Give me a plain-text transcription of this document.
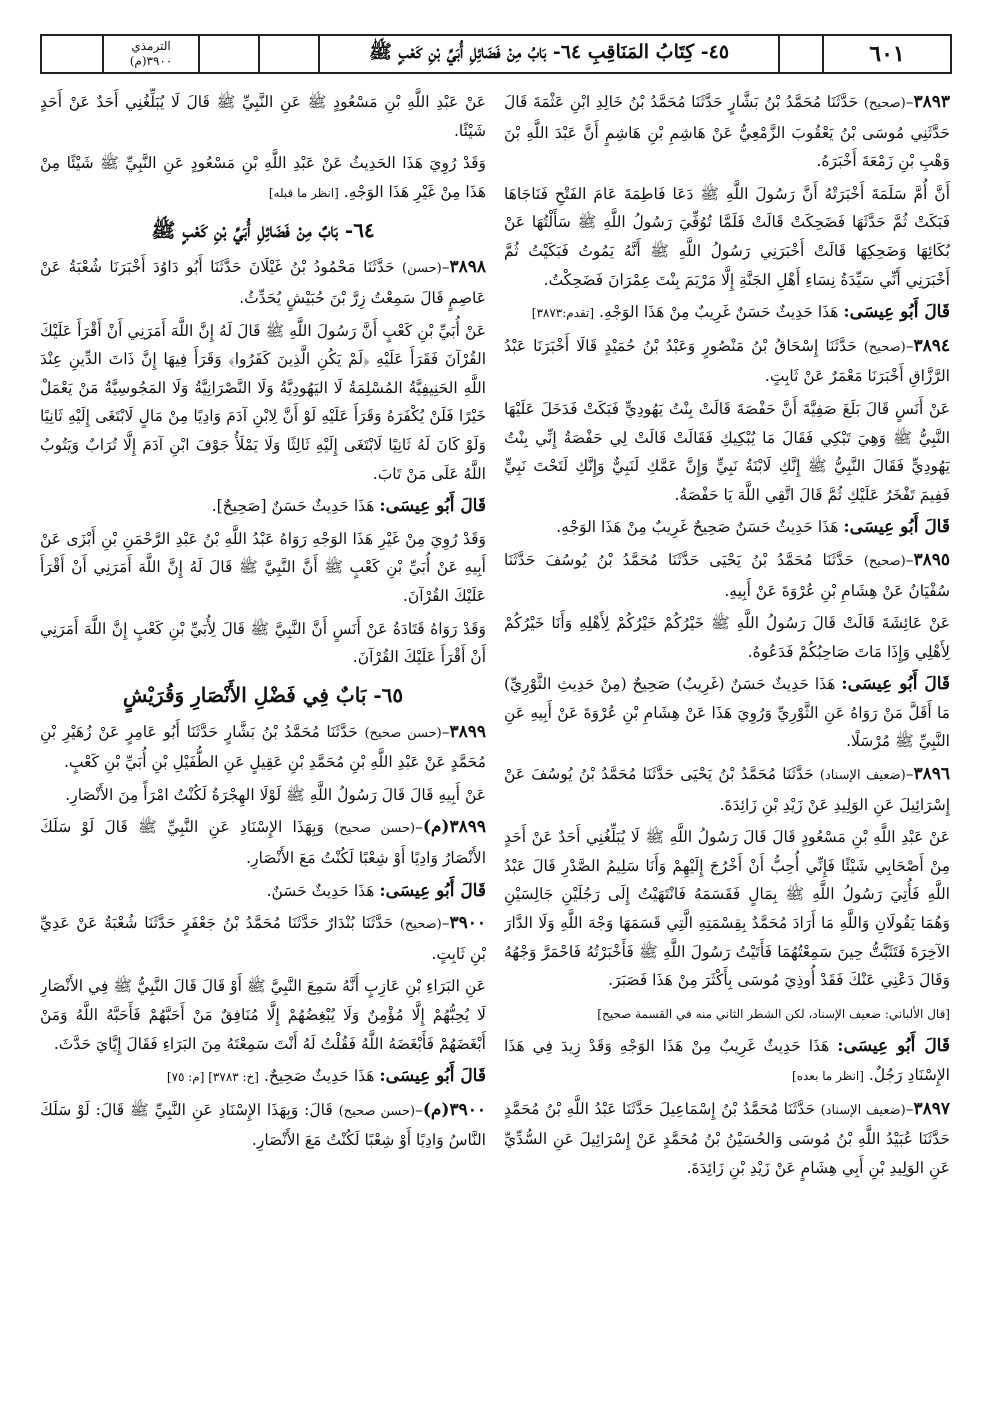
٦٠١
٤٥- كِتَابُ المَنَاقِبِ ٦٤- بَابُ مِنْ فَضَائِلِ أُبَيِّ بْنِ كَعْبٍ ﷺ
الترمذي
٣٩٠٠(م)

٣٨٩٣–(صحيح) حَدَّثَنَا مُحَمَّدُ بْنُ بَشَّارٍ حَدَّثَنَا مُحَمَّدُ بْنُ خَالِدِ ابْنِ عَثْمَةَ قَالَ حَدَّثَنِي مُوسَى بْنُ يَعْقُوبَ الزَّمْعِيُّ عَنْ هَاشِمِ بْنِ هَاشِمٍ أَنَّ عَبْدَ اللَّهِ بْنَ وَهْبِ بْنِ زَمْعَةَ أَخْبَرَهُ.

أَنَّ أُمَّ سَلَمَةَ أَخْبَرَتْهُ أَنَّ رَسُولَ اللَّهِ ﷺ دَعَا فَاطِمَةَ عَامَ الفَتْحِ فَنَاجَاهَا فَبَكَتْ ثُمَّ حَدَّثَهَا فَضَحِكَتْ قَالَتْ فَلَمَّا تُوُفِّيَ رَسُولُ اللَّهِ ﷺ سَأَلْتُهَا عَنْ بُكَائِهَا وَضَحِكِهَا قَالَتْ أَخْبَرَنِي رَسُولُ اللَّهِ ﷺ أَنَّهُ يَمُوتُ فَبَكَيْتُ ثُمَّ أَخْبَرَنِي أَنِّي سَيِّدَةُ نِسَاءِ أَهْلِ الجَنَّةِ إِلَّا مَرْيَمَ بِنْتَ عِمْرَانَ فَضَحِكْتُ.

قَالَ أَبُو عِيسَى: هَذَا حَدِيثٌ حَسَنٌ غَرِيبٌ مِنْ هَذَا الوَجْهِ. [تقدم:٣٨٧٣]

٣٨٩٤–(صحيح) حَدَّثَنَا إِسْحَاقُ بْنُ مَنْصُورٍ وَعَبْدُ بْنُ حُمَيْدٍ قَالَا أَخْبَرَنَا عَبْدُ الرَّزَّاقِ أَخْبَرَنَا مَعْمَرٌ عَنْ ثَابِتٍ.

عَنْ أَنَسٍ قَالَ بَلَغَ صَفِيَّةَ أَنَّ حَفْصَةَ قَالَتْ بِنْتُ يَهُودِيٍّ فَبَكَتْ فَدَخَلَ عَلَيْهَا النَّبِيُّ ﷺ وَهِيَ تَبْكِي فَقَالَ مَا يُبْكِيكِ فَقَالَتْ قَالَتْ لِي حَفْصَةُ إِنِّي بِنْتُ يَهُودِيٍّ فَقَالَ النَّبِيُّ ﷺ إِنَّكِ لَابْنَةُ نَبِيٍّ وَإِنَّ عَمَّكِ لَنَبِيٌّ وَإِنَّكِ لَتَحْتَ نَبِيٍّ فَفِيمَ تَفْخَرُ عَلَيْكِ ثُمَّ قَالَ اتَّقِي اللَّهَ يَا حَفْصَةُ.

قَالَ أَبُو عِيسَى: هَذَا حَدِيثٌ حَسَنٌ صَحِيحٌ غَرِيبٌ مِنْ هَذَا الوَجْهِ.

٣٨٩٥–(صحيح) حَدَّثَنَا مُحَمَّدُ بْنُ يَحْيَى حَدَّثَنَا مُحَمَّدُ بْنُ يُوسُفَ حَدَّثَنَا سُفْيَانُ عَنْ هِشَامِ بْنِ عُرْوَةَ عَنْ أَبِيهِ.

عَنْ عَائِشَةَ قَالَتْ قَالَ رَسُولُ اللَّهِ ﷺ خَيْرُكُمْ خَيْرُكُمْ لِأَهْلِهِ وَأَنَا خَيْرُكُمْ لِأَهْلِي وَإِذَا مَاتَ صَاحِبُكُمْ فَدَعُوهُ.

قَالَ أَبُو عِيسَى: هَذَا حَدِيثٌ حَسَنٌ (غَرِيبٌ) صَحِيحٌ (مِنْ حَدِيثِ الثَّوْرِيِّ) مَا أَقَلَّ مَنْ رَوَاهُ عَنِ الثَّوْرِيِّ وَرُوِيَ هَذَا عَنْ هِشَامِ بْنِ عُرْوَةَ عَنْ أَبِيهِ عَنِ النَّبِيِّ ﷺ مُرْسَلًا.

٣٨٩٦–(ضعيف الإسناد) حَدَّثَنَا مُحَمَّدُ بْنُ يَحْيَى حَدَّثَنَا مُحَمَّدُ بْنُ يُوسُفَ عَنْ إِسْرَائِيلَ عَنِ الوَلِيدِ عَنْ زَيْدِ بْنِ زَائِدَةَ.

عَنْ عَبْدِ اللَّهِ بْنِ مَسْعُودٍ قَالَ قَالَ رَسُولُ اللَّهِ ﷺ لَا يُبَلِّغُنِي أَحَدٌ عَنْ أَحَدٍ مِنْ أَصْحَابِي شَيْئًا فَإِنِّي أُحِبُّ أَنْ أَخْرُجَ إِلَيْهِمْ وَأَنَا سَلِيمُ الصَّدْرِ قَالَ عَبْدُ اللَّهِ فَأُتِيَ رَسُولُ اللَّهِ ﷺ بِمَالٍ فَقَسَمَهُ فَانْتَهَيْتُ إِلَى رَجُلَيْنِ جَالِسَيْنِ وَهُمَا يَقُولَانِ وَاللَّهِ مَا أَرَادَ مُحَمَّدٌ بِقِسْمَتِهِ الَّتِي قَسَمَهَا وَجْهَ اللَّهِ وَلَا الدَّارَ الآخِرَةَ فَتَثَبَّتُّ حِينَ سَمِعْتُهُمَا فَأَتَيْتُ رَسُولَ اللَّهِ ﷺ فَأَخْبَرْتُهُ فَاحْمَرَّ وَجْهُهُ وَقَالَ دَعْنِي عَنْكَ فَقَدْ أُوذِيَ مُوسَى بِأَكْثَرَ مِنْ هَذَا فَصَبَرَ.

[قال الألباني: ضعيف الإسناد، لكن الشطر الثاني منه في القسمة صحيح]

قَالَ أَبُو عِيسَى: هَذَا حَدِيثٌ غَرِيبٌ مِنْ هَذَا الوَجْهِ وَقَدْ زِيدَ فِي هَذَا الإِسْنَادِ رَجُلٌ. [انظر ما بعده]

٣٨٩٧–(ضعيف الإسناد) حَدَّثَنَا مُحَمَّدُ بْنُ إِسْمَاعِيلَ حَدَّثَنَا عَبْدُ اللَّهِ بْنُ مُحَمَّدٍ حَدَّثَنَا عُبَيْدُ اللَّهِ بْنُ مُوسَى وَالحُسَيْنُ بْنُ مُحَمَّدٍ عَنْ إِسْرَائِيلَ عَنِ السُّدِّيِّ عَنِ الوَلِيدِ بْنِ أَبِي هِشَامٍ عَنْ زَيْدِ بْنِ زَائِدَةَ.

عَنْ عَبْدِ اللَّهِ بْنِ مَسْعُودٍ ﷺ عَنِ النَّبِيِّ ﷺ قَالَ لَا يُبَلِّغُنِي أَحَدٌ عَنْ أَحَدٍ شَيْئًا.

وَقَدْ رُوِيَ هَذَا الحَدِيثُ عَنْ عَبْدِ اللَّهِ بْنِ مَسْعُودٍ عَنِ النَّبِيِّ ﷺ شَيْئًا مِنْ هَذَا مِنْ غَيْرِ هَذَا الوَجْهِ. [انظر ما قبله]

٦٤- بَابٌ مِنْ فَضَائِلِ أُبَيِّ بْنِ كَعْبٍ ﷺ

٣٨٩٨–(حسن) حَدَّثَنَا مَحْمُودُ بْنُ غَيْلَانَ حَدَّثَنَا أَبُو دَاوُدَ أَخْبَرَنَا شُعْبَةُ عَنْ عَاصِمٍ قَالَ سَمِعْتُ زِرَّ بْنَ حُبَيْشٍ يُحَدِّثُ.

عَنْ أُبَيِّ بْنِ كَعْبٍ أَنَّ رَسُولَ اللَّهِ ﷺ قَالَ لَهُ إِنَّ اللَّهَ أَمَرَنِي أَنْ أَقْرَأَ عَلَيْكَ القُرْآنَ فَقَرَأَ عَلَيْهِ ﴿لَمْ يَكُنِ الَّذِينَ كَفَرُوا﴾ وَقَرَأَ فِيهَا إِنَّ ذَاتَ الدِّينِ عِنْدَ اللَّهِ الحَنِيفِيَّةُ المُسْلِمَةُ لَا اليَهُودِيَّةُ وَلَا النَّصْرَانِيَّةُ وَلَا المَجُوسِيَّةُ مَنْ يَعْمَلْ خَيْرًا فَلَنْ يُكْفَرَهُ وَقَرَأَ عَلَيْهِ لَوْ أَنَّ لِابْنِ آدَمَ وَادِيًا مِنْ مَالٍ لَابْتَغَى إِلَيْهِ ثَانِيًا وَلَوْ كَانَ لَهُ ثَانِيًا لَابْتَغَى إِلَيْهِ ثَالِثًا وَلَا يَمْلَأُ جَوْفَ ابْنِ آدَمَ إِلَّا تُرَابٌ وَيَتُوبُ اللَّهُ عَلَى مَنْ تَابَ.

قَالَ أَبُو عِيسَى: هَذَا حَدِيثٌ حَسَنٌ [صَحِيحٌ].

وَقَدْ رُوِيَ مِنْ غَيْرِ هَذَا الوَجْهِ رَوَاهُ عَبْدُ اللَّهِ بْنُ عَبْدِ الرَّحْمَنِ بْنِ أَبْزَى عَنْ أَبِيهِ عَنْ أُبَيِّ بْنِ كَعْبٍ ﷺ أَنَّ النَّبِيَّ ﷺ قَالَ لَهُ إِنَّ اللَّهَ أَمَرَنِي أَنْ أَقْرَأَ عَلَيْكَ القُرْآنَ.

وَقَدْ رَوَاهُ قَتَادَةُ عَنْ أَنَسٍ أَنَّ النَّبِيَّ ﷺ قَالَ لِأُبَيِّ بْنِ كَعْبٍ إِنَّ اللَّهَ أَمَرَنِي أَنْ أَقْرَأَ عَلَيْكَ القُرْآنَ.

٦٥- بَابٌ فِي فَضْلِ الأَنْصَارِ وَقُرَيْشٍ

٣٨٩٩–(حسن صحيح) حَدَّثَنَا مُحَمَّدُ بْنُ بَشَّارٍ حَدَّثَنَا أَبُو عَامِرٍ عَنْ زُهَيْرِ بْنِ مُحَمَّدٍ عَنْ عَبْدِ اللَّهِ بْنِ مُحَمَّدِ بْنِ عَقِيلٍ عَنِ الطُّفَيْلِ بْنِ أُبَيِّ بْنِ كَعْبٍ.

عَنْ أَبِيهِ قَالَ قَالَ رَسُولُ اللَّهِ ﷺ لَوْلَا الهِجْرَةُ لَكُنْتُ امْرَأً مِنَ الأَنْصَارِ.

٣٨٩٩(م)–(حسن صحيح) وَبِهَذَا الإِسْنَادِ عَنِ النَّبِيِّ ﷺ قَالَ لَوْ سَلَكَ الأَنْصَارُ وَادِيًا أَوْ شِعْبًا لَكُنْتُ مَعَ الأَنْصَارِ.

قَالَ أَبُو عِيسَى: هَذَا حَدِيثٌ حَسَنٌ.

٣٩٠٠–(صحيح) حَدَّثَنَا بُنْدَارٌ حَدَّثَنَا مُحَمَّدُ بْنُ جَعْفَرٍ حَدَّثَنَا شُعْبَةُ عَنْ عَدِيِّ بْنِ ثَابِتٍ.

عَنِ البَرَاءِ بْنِ عَازِبٍ أَنَّهُ سَمِعَ النَّبِيَّ ﷺ أَوْ قَالَ قَالَ النَّبِيُّ ﷺ فِي الأَنْصَارِ لَا يُحِبُّهُمْ إِلَّا مُؤْمِنٌ وَلَا يُبْغِضُهُمْ إِلَّا مُنَافِقٌ مَنْ أَحَبَّهُمْ فَأَحَبَّهُ اللَّهُ وَمَنْ أَبْغَضَهُمْ فَأَبْغَضَهُ اللَّهُ فَقُلْتُ لَهُ أَنْتَ سَمِعْتَهُ مِنَ البَرَاءِ فَقَالَ إِيَّايَ حَدَّثَ.

قَالَ أَبُو عِيسَى: هَذَا حَدِيثٌ صَحِيحٌ. [خ: ٣٧٨٣] [م: ٧٥]

٣٩٠٠(م)–(حسن صحيح) قَالَ: وَبِهَذَا الإِسْنَادِ عَنِ النَّبِيِّ ﷺ قَالَ: لَوْ سَلَكَ النَّاسُ وَادِيًا أَوْ شِعْبًا لَكُنْتُ مَعَ الأَنْصَارِ.
